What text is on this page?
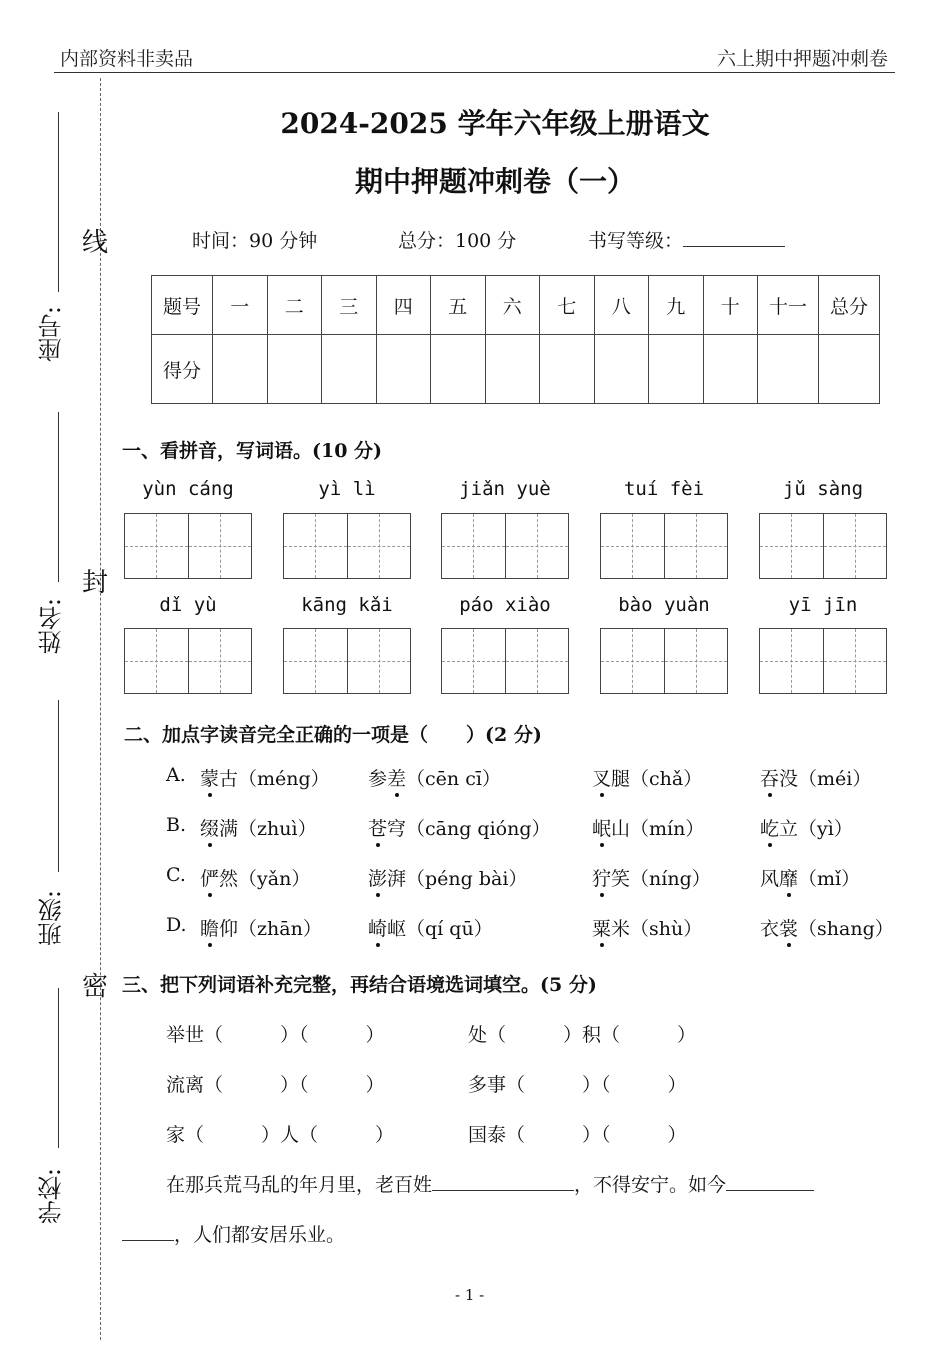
内部资料非卖品	六上期中押题冲刺卷
座号:
姓名:
班级:
学校:
线
封
密
2024-2025 学年六年级上册语文
期中押题冲刺卷（一）
时间：90 分钟	总分：100 分	书写等级：
题号	一	二	三	四	五	六	七	八	九	十	十一	总分
得分												
一、看拼音，写词语。(10 分)
yùn cáng	yì lì	jiǎn yuè	tuí fèi	jǔ sàng
dǐ yù	kāng kǎi	páo xiào	bào yuàn	yī jīn
二、加点字读音完全正确的一项是（　　）(2 分)
A. 蒙古（méng） 参差（cēn cī）	叉腿（chǎ）	吞没（méi）
B. 缀满（zhuì）	苍穹（cāng qióng） 岷山（mín）	屹立（yì）
C. 俨然（yǎn）	澎湃（péng bài）	狞笑（níng）	风靡（mǐ）
D. 瞻仰（zhān） 崎岖（qí qū）	粟米（shù）	衣裳（shang）
三、把下列词语补充完整，再结合语境选词填空。(5 分)
举世（　　　）（　　　）	处（　　　）积（　　　）
流离（　　　）（　　　）	多事（　　　）（　　　）
家（　　　）人（　　　）	国泰（　　　）（　　　）
在那兵荒马乱的年月里，老百姓	，不得安宁。如今
，人们都安居乐业。
- 1 -
